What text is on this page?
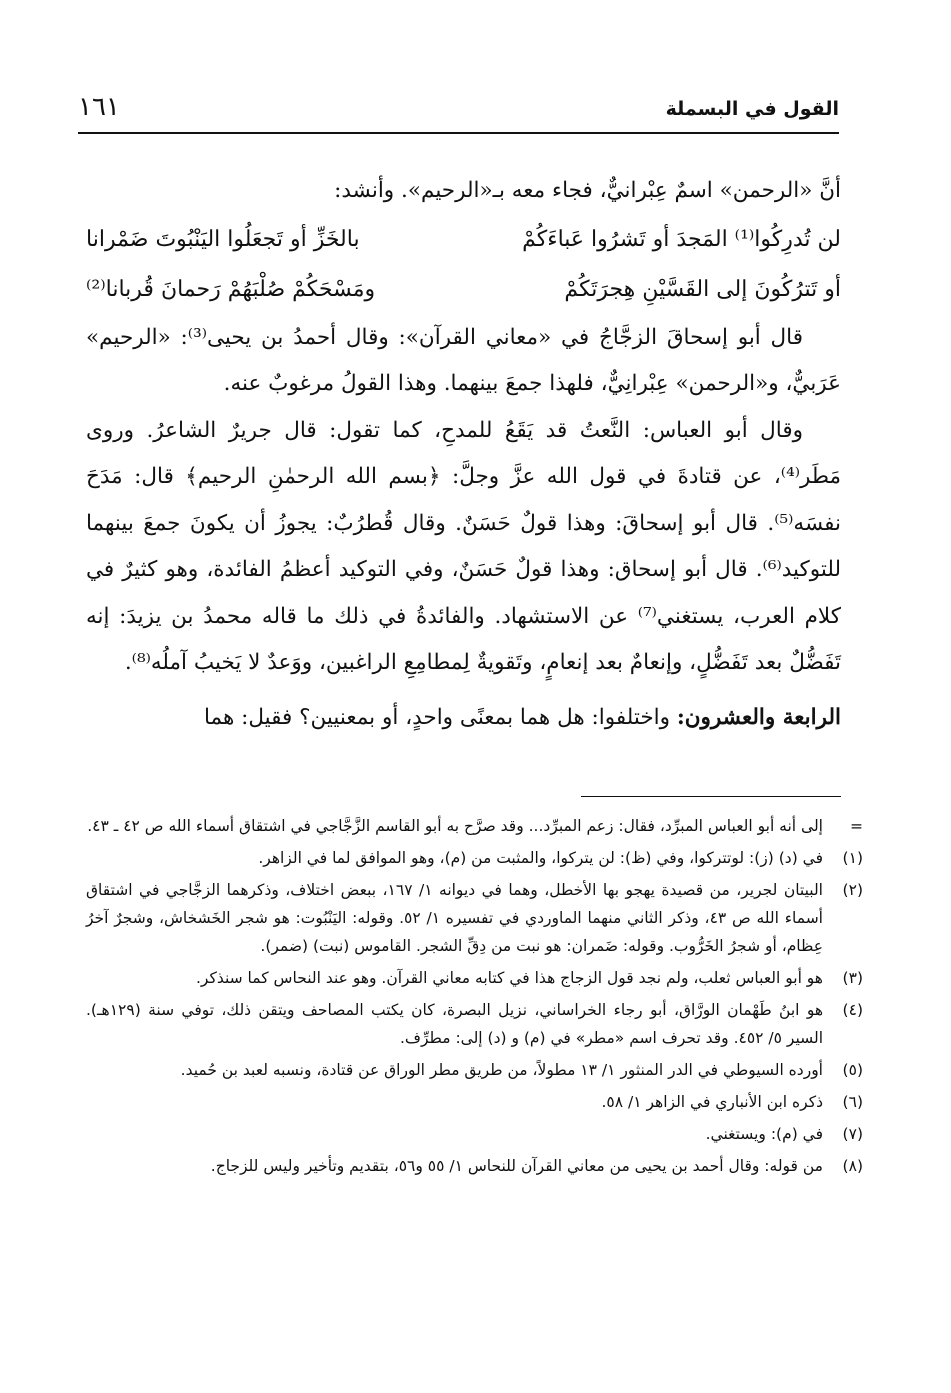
القول في البسملة
١٦١

أنَّ «الرحمن» اسمٌ عِبْرانيٌّ، فجاء معه بـ«الرحيم». وأنشد:

لن تُدرِكُوا⁽¹⁾ المَجدَ أو تَشرُوا عَباءَكُمْ
بالخَزِّ أو تَجعَلُوا اليَنْبُوتَ ضَمْرانا
أو تَترُكُونَ إلى القَسَّيْنِ هِجرَتَكُمْ
ومَسْحَكُمْ صُلْبَهُمْ رَحمانَ قُربانا⁽²⁾

قال أبو إسحاقَ الزجَّاجُ في «معاني القرآن»: وقال أحمدُ بن يحيى⁽³⁾: «الرحيم» عَرَبيٌّ، و«الرحمن» عِبْرانِيٌّ، فلهذا جمعَ بينهما. وهذا القولُ مرغوبٌ عنه.

وقال أبو العباس: النَّعتُ قد يَقَعُ للمدحِ، كما تقول: قال جريرٌ الشاعرُ. وروى مَطَر⁽⁴⁾، عن قتادةَ في قول الله عزَّ وجلَّ: ﴿بسم الله الرحمٰنِ الرحيم﴾ قال: مَدَحَ نفسَه⁽⁵⁾. قال أبو إسحاقَ: وهذا قولٌ حَسَنٌ. وقال قُطرُبٌ: يجوزُ أن يكونَ جمعَ بينهما للتوكيد⁽⁶⁾. قال أبو إسحاق: وهذا قولٌ حَسَنٌ، وفي التوكيد أعظمُ الفائدة، وهو كثيرٌ في كلام العرب، يستغني⁽⁷⁾ عن الاستشهاد. والفائدةُ في ذلك ما قاله محمدُ بن يزيدَ: إنه تَفَضُّلٌ بعد تَفَضُّلٍ، وإنعامٌ بعد إنعامٍ، وتَقويةٌ لِمطامِعِ الراغبين، ووَعدٌ لا يَخيبُ آملُه⁽⁸⁾.

الرابعة والعشرون: واختلفوا: هل هما بمعنًى واحدٍ، أو بمعنيين؟ فقيل: هما

=
إلى أنه أبو العباس المبرِّد، فقال: زعم المبرِّد... وقد صرَّح به أبو القاسم الزَّجَّاجي في اشتقاق أسماء الله ص ٤٢ ـ ٤٣.
(١)
في (د) (ز): لوتتركوا، وفي (ظ): لن يتركوا، والمثبت من (م)، وهو الموافق لما في الزاهر.
(٢)
البيتان لجرير، من قصيدة يهجو بها الأخطل، وهما في ديوانه ١/ ١٦٧، ببعض اختلاف، وذكرهما الزجَّاجي في اشتقاق أسماء الله ص ٤٣، وذكر الثاني منهما الماوردي في تفسيره ١/ ٥٢. وقوله: اليَنْبُوت: هو شجر الخَشخاش، وشجرٌ آخرُ عِظام، أو شجرُ الخَرُّوب. وقوله: ضَمران: هو نبت من دِقِّ الشجر. القاموس (نبت) (ضمر).
(٣)
هو أبو العباس ثعلب، ولم نجد قول الزجاج هذا في كتابه معاني القرآن. وهو عند النحاس كما سنذكر.
(٤)
هو ابنُ طَهْمان الورَّاق، أبو رجاء الخراساني، نزيل البصرة، كان يكتب المصاحف ويتقن ذلك، توفي سنة (١٢٩هـ). السير ٥/ ٤٥٢. وقد تحرف اسم «مطر» في (م) و (د) إلى: مطرِّف.
(٥)
أورده السيوطي في الدر المنثور ١/ ١٣ مطولاً، من طريق مطر الوراق عن قتادة، ونسبه لعبد بن حُميد.
(٦)
ذكره ابن الأنباري في الزاهر ١/ ٥٨.
(٧)
في (م): ويستغني.
(٨)
من قوله: وقال أحمد بن يحيى من معاني القرآن للنحاس ١/ ٥٥ و٥٦، بتقديم وتأخير وليس للزجاج.
